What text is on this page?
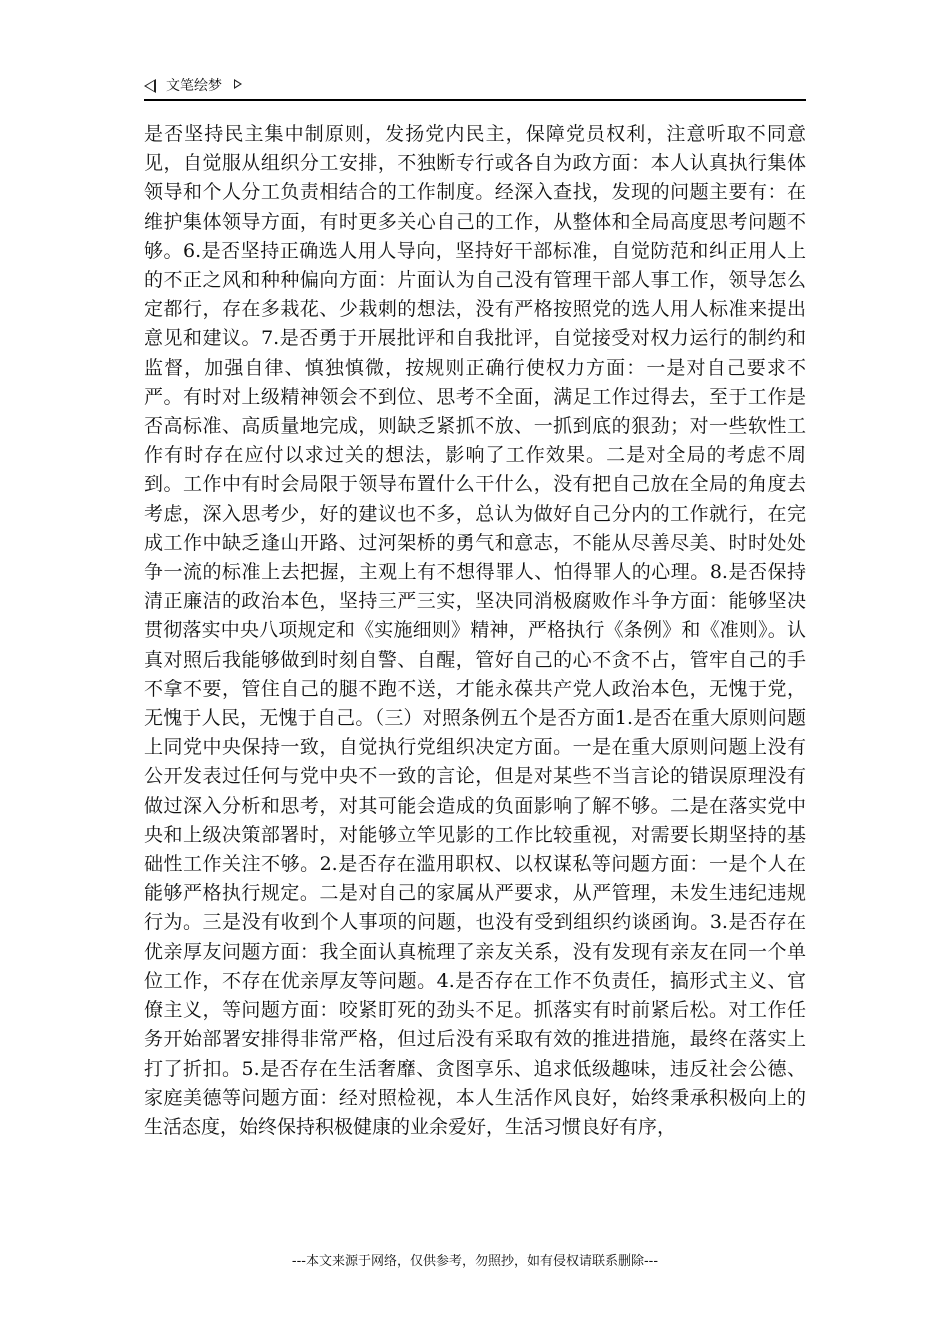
文笔绘梦

是否坚持民主集中制原则，发扬党内民主，保障党员权利，注意听取不同意见，自觉服从组织分工安排，不独断专行或各自为政方面：本人认真执行集体领导和个人分工负责相结合的工作制度。经深入查找，发现的问题主要有：在维护集体领导方面，有时更多关心自己的工作，从整体和全局高度思考问题不够。6.是否坚持正确选人用人导向，坚持好干部标准，自觉防范和纠正用人上的不正之风和种种偏向方面：片面认为自己没有管理干部人事工作，领导怎么定都行，存在多栽花、少栽刺的想法，没有严格按照党的选人用人标准来提出意见和建议。7.是否勇于开展批评和自我批评，自觉接受对权力运行的制约和监督，加强自律、慎独慎微，按规则正确行使权力方面：一是对自己要求不严。有时对上级精神领会不到位、思考不全面，满足工作过得去，至于工作是否高标准、高质量地完成，则缺乏紧抓不放、一抓到底的狠劲；对一些软性工作有时存在应付以求过关的想法，影响了工作效果。二是对全局的考虑不周到。工作中有时会局限于领导布置什么干什么，没有把自己放在全局的角度去考虑，深入思考少，好的建议也不多，总认为做好自己分内的工作就行，在完成工作中缺乏逢山开路、过河架桥的勇气和意志，不能从尽善尽美、时时处处争一流的标准上去把握，主观上有不想得罪人、怕得罪人的心理。8.是否保持清正廉洁的政治本色，坚持三严三实，坚决同消极腐败作斗争方面：能够坚决贯彻落实中央八项规定和《实施细则》精神，严格执行《条例》和《准则》。认真对照后我能够做到时刻自警、自醒，管好自己的心不贪不占，管牢自己的手不拿不要，管住自己的腿不跑不送，才能永葆共产党人政治本色，无愧于党，无愧于人民，无愧于自己。（三）对照条例五个是否方面1.是否在重大原则问题上同党中央保持一致，自觉执行党组织决定方面。一是在重大原则问题上没有公开发表过任何与党中央不一致的言论，但是对某些不当言论的错误原理没有做过深入分析和思考，对其可能会造成的负面影响了解不够。二是在落实党中央和上级决策部署时，对能够立竿见影的工作比较重视，对需要长期坚持的基础性工作关注不够。2.是否存在滥用职权、以权谋私等问题方面：一是个人在能够严格执行规定。二是对自己的家属从严要求，从严管理，未发生违纪违规行为。三是没有收到个人事项的问题，也没有受到组织约谈函询。3.是否存在优亲厚友问题方面：我全面认真梳理了亲友关系，没有发现有亲友在同一个单位工作，不存在优亲厚友等问题。4.是否存在工作不负责任，搞形式主义、官僚主义，等问题方面：咬紧盯死的劲头不足。抓落实有时前紧后松。对工作任务开始部署安排得非常严格，但过后没有采取有效的推进措施，最终在落实上打了折扣。5.是否存在生活奢靡、贪图享乐、追求低级趣味，违反社会公德、家庭美德等问题方面：经对照检视，本人生活作风良好，始终秉承积极向上的生活态度，始终保持积极健康的业余爱好，生活习惯良好有序，

---本文来源于网络，仅供参考，勿照抄，如有侵权请联系删除---
